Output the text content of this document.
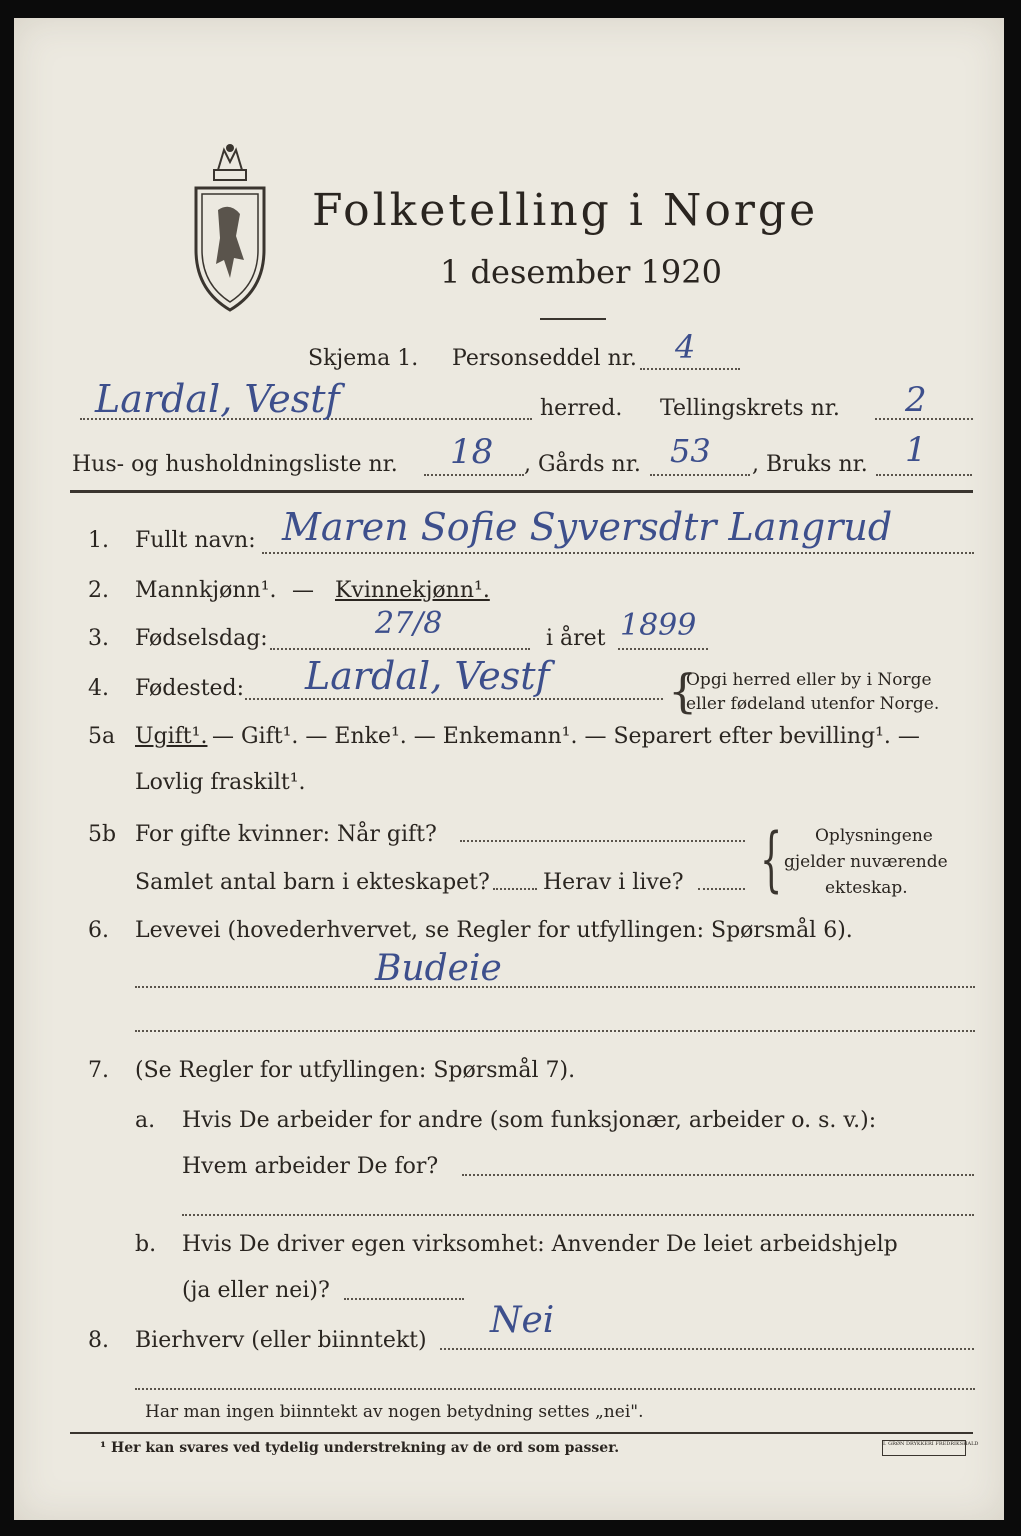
Folketelling i Norge
1 desember 1920
Skjema 1. Personseddel nr. 4
Lardal, Vestf	herred. Tellingskrets nr. 2
Hus- og husholdningsliste nr. 18 , Gårds nr. 53 , Bruks nr. 1
1. Fullt navn: Maren Sofie Syversdtr Langrud
2. Mannkjønn¹. — Kvinnekjønn¹.
3. Fødselsdag:	27/8	i året 1899
4. Fødested: Lardal, Vestf	{
Opgi herred eller by i Norge
eller fødeland utenfor Norge.
5a Ugift¹. — Gift¹. — Enke¹. — Enkemann¹. — Separert efter bevilling¹. —
Lovlig fraskilt¹.
5b For gifte kvinner: Når gift?
Samlet antal barn i ekteskapet? Herav i live? { Oplysningene
gjelder nuværende
ekteskap.
6. Levevei (hovederhvervet, se Regler for utfyllingen: Spørsmål 6).
Budeie
7. (Se Regler for utfyllingen: Spørsmål 7).
a. Hvis De arbeider for andre (som funksjonær, arbeider o. s. v.):
Hvem arbeider De for?
b. Hvis De driver egen virksomhet: Anvender De leiet arbeidshjelp
(ja eller nei)?
8. Bierhverv (eller biinntekt) Nei
Har man ingen biinntekt av nogen betydning settes „nei".
¹ Her kan svares ved tydelig understrekning av de ord som passer.	I. GRØN DRYKKERI FREDRIKSHALD
